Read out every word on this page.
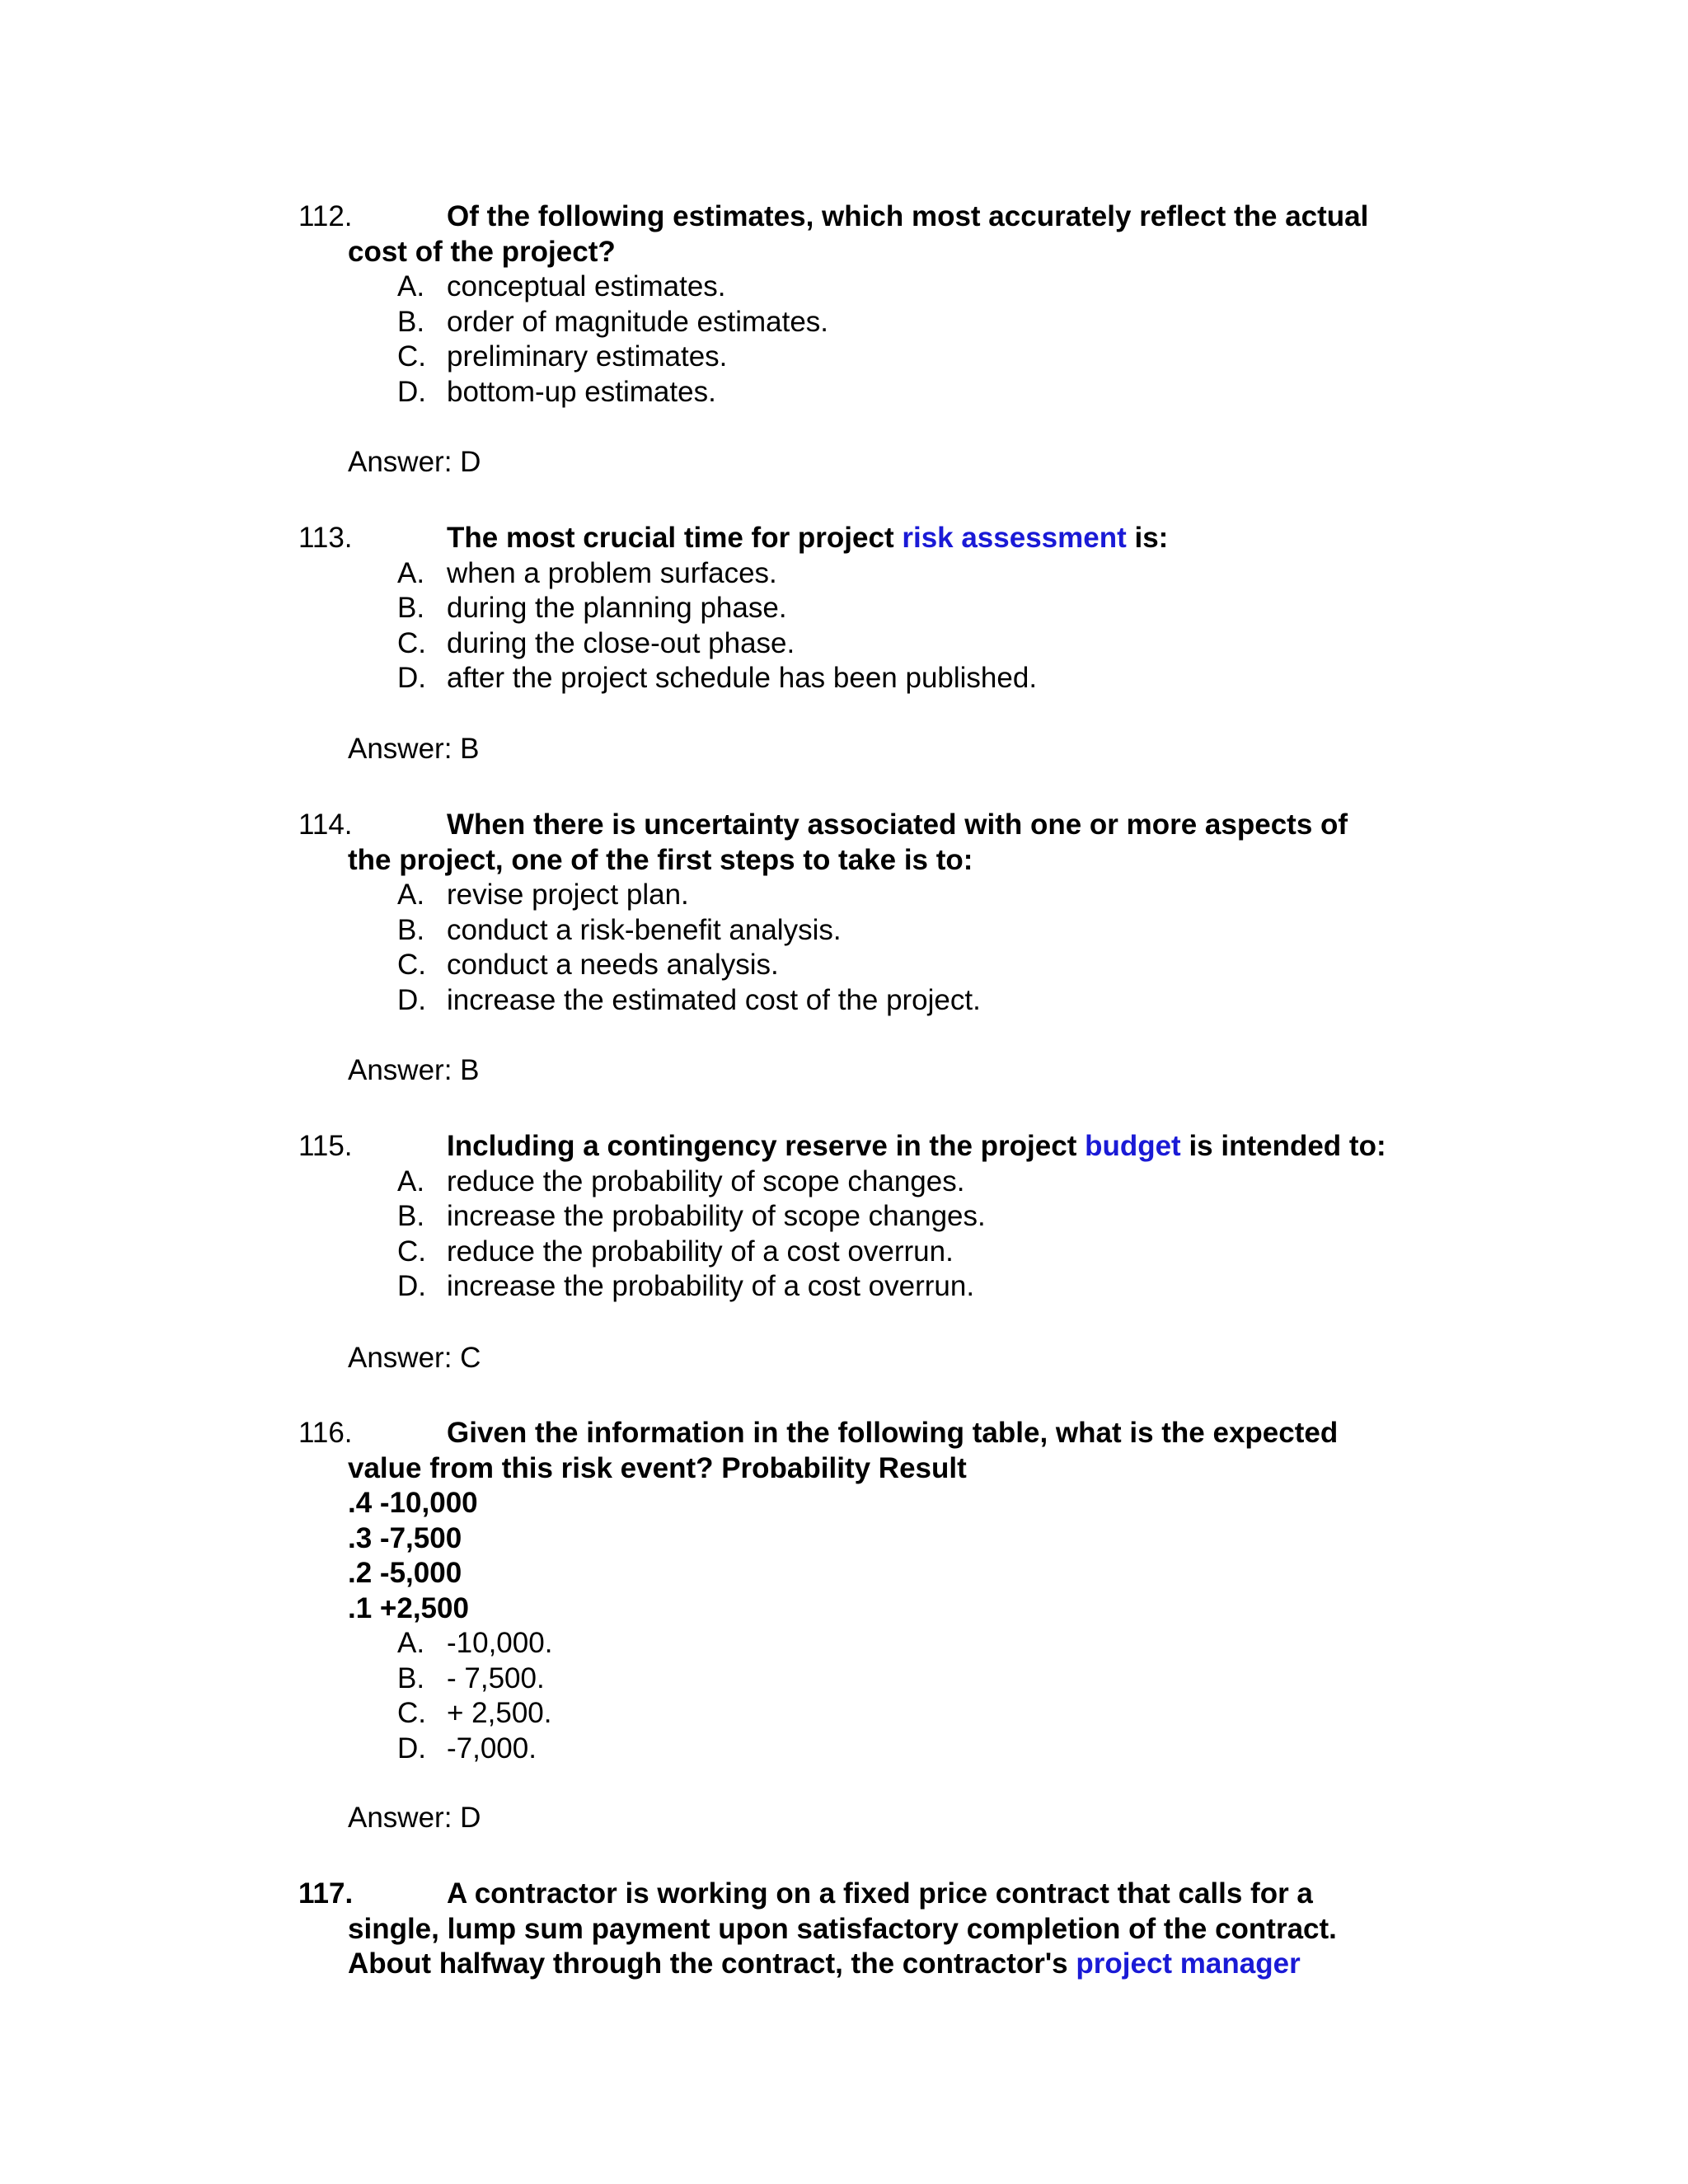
112.	Of the following estimates, which most accurately reflect the actual
cost of the project?
A. conceptual estimates.
B. order of magnitude estimates.
C. preliminary estimates.
D. bottom-up estimates.
Answer: D
113.	The most crucial time for project risk assessment is:
A. when a problem surfaces.
B. during the planning phase.
C. during the close-out phase.
D. after the project schedule has been published.
Answer: B
114.	When there is uncertainty associated with one or more aspects of
the project, one of the first steps to take is to:
A. revise project plan.
B. conduct a risk-benefit analysis.
C. conduct a needs analysis.
D. increase the estimated cost of the project.
Answer: B
115.	Including a contingency reserve in the project budget is intended to:
A. reduce the probability of scope changes.
B. increase the probability of scope changes.
C. reduce the probability of a cost overrun.
D. increase the probability of a cost overrun.
Answer: C
116.	Given the information in the following table, what is the expected
value from this risk event? Probability Result
.4 -10,000
.3 -7,500
.2 -5,000
.1 +2,500
A. -10,000.
B. - 7,500.
C. + 2,500.
D. -7,000.
Answer: D
117.	A contractor is working on a fixed price contract that calls for a
single, lump sum payment upon satisfactory completion of the contract.
About halfway through the contract, the contractor's project manager
